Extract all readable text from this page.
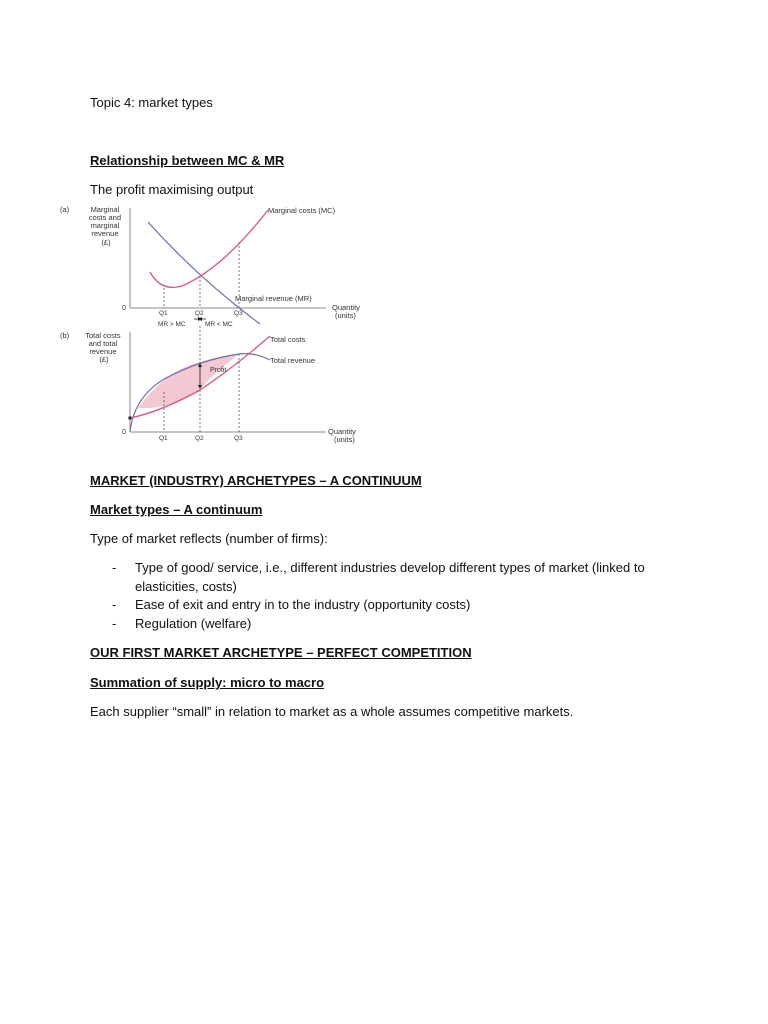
Topic 4: market types
Relationship between MC & MR
The profit maximising output
(a)	Marginal costs and marginal revenue (£)
0
Marginal costs (MC)
Marginal revenue (MR)
Quantity (units)
Q1	Q2	Q3
MR > MC	MR < MC
(b) Total costs and total revenue (£)
0
Profit
Total costs
Total revenue
Quantity (units)
Q1	Q2	Q3
MARKET (INDUSTRY) ARCHETYPES – A CONTINUUM
Market types – A continuum
Type of market reflects (number of firms):
- Type of good/ service, i.e., different industries develop different types of market (linked to
elasticities, costs)
- Ease of exit and entry in to the industry (opportunity costs)
- Regulation (welfare)
OUR FIRST MARKET ARCHETYPE – PERFECT COMPETITION
Summation of supply: micro to macro
Each supplier “small” in relation to market as a whole assumes competitive markets.
